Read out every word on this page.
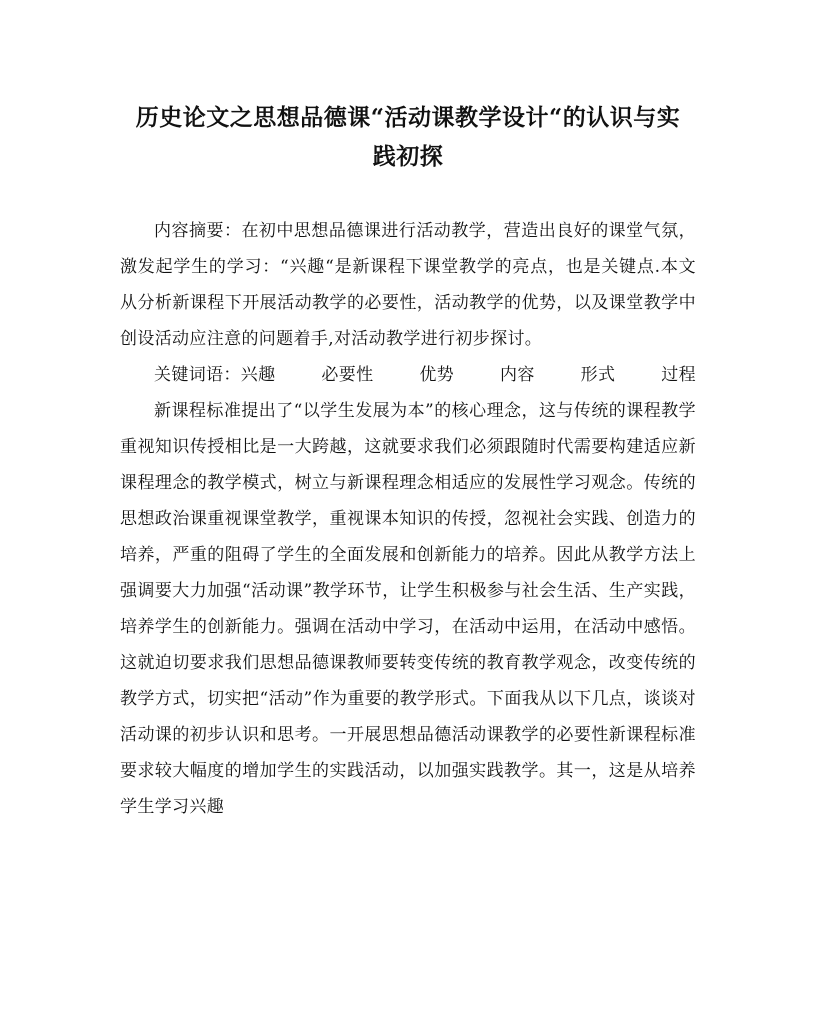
历史论文之思想品德课“活动课教学设计“的认识与实
践初探

内容摘要：在初中思想品德课进行活动教学，营造出良好的课堂气氛，激发起学生的学习：“兴趣“是新课程下课堂教学的亮点，也是关键点.本文从分析新课程下开展活动教学的必要性，活动教学的优势，以及课堂教学中创设活动应注意的问题着手,对活动教学进行初步探讨。

关键词语：兴趣	必要性	优势	内容	形式	过程

新课程标准提出了“以学生发展为本”的核心理念，这与传统的课程教学重视知识传授相比是一大跨越，这就要求我们必须跟随时代需要构建适应新课程理念的教学模式，树立与新课程理念相适应的发展性学习观念。传统的思想政治课重视课堂教学，重视课本知识的传授，忽视社会实践、创造力的培养，严重的阻碍了学生的全面发展和创新能力的培养。因此从教学方法上强调要大力加强“活动课”教学环节，让学生积极参与社会生活、生产实践，培养学生的创新能力。强调在活动中学习，在活动中运用，在活动中感悟。这就迫切要求我们思想品德课教师要转变传统的教育教学观念，改变传统的教学方式，切实把“活动”作为重要的教学形式。下面我从以下几点，谈谈对活动课的初步认识和思考。一开展思想品德活动课教学的必要性新课程标准要求较大幅度的增加学生的实践活动，以加强实践教学。其一，这是从培养学生学习兴趣
